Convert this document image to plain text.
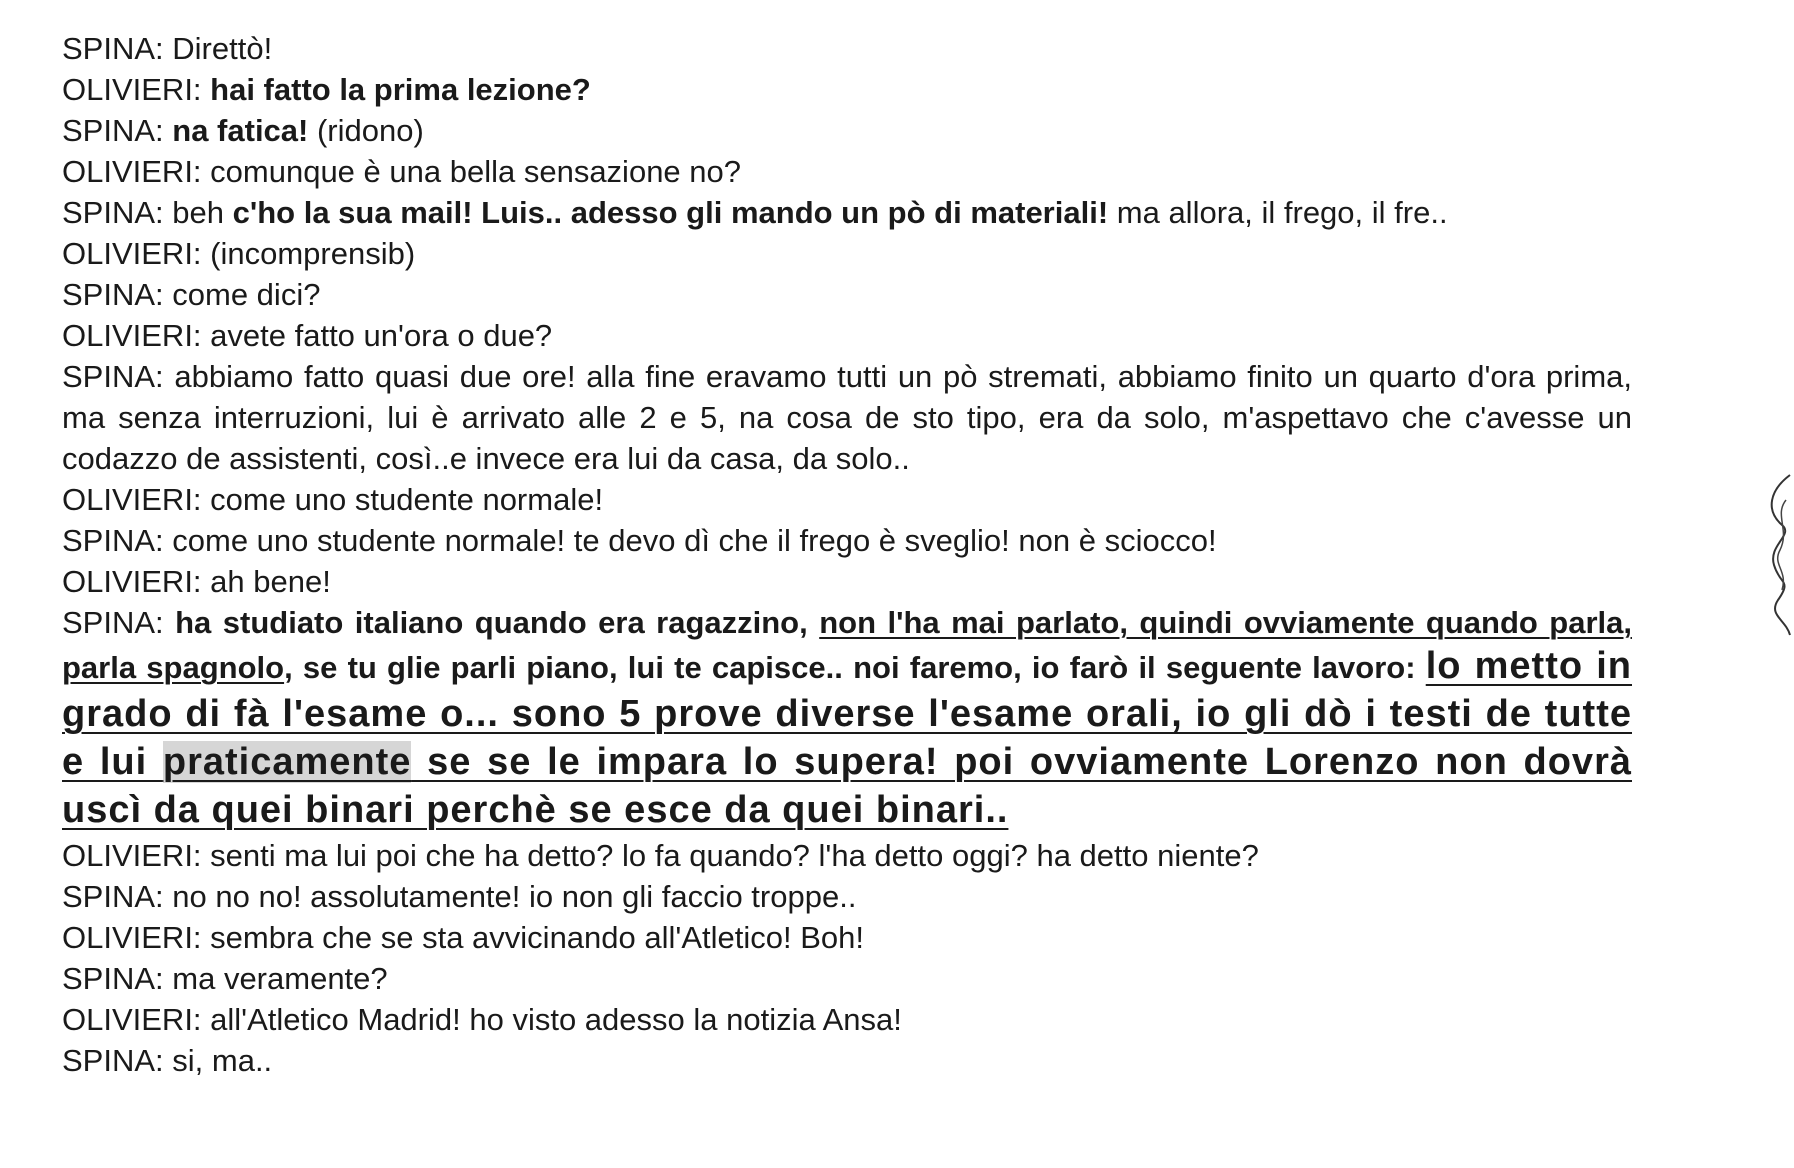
SPINA: Direttò!
OLIVIERI: hai fatto la prima lezione?
SPINA: na fatica! (ridono)
OLIVIERI: comunque è una bella sensazione no?
SPINA: beh c'ho la sua mail! Luis.. adesso gli mando un pò di materiali! ma allora, il frego, il fre..
OLIVIERI: (incomprensib)
SPINA: come dici?
OLIVIERI: avete fatto un'ora o due?
SPINA: abbiamo fatto quasi due ore! alla fine eravamo tutti un pò stremati, abbiamo finito un quarto d'ora prima, ma senza interruzioni, lui è arrivato alle 2 e 5, na cosa de sto tipo, era da solo, m'aspettavo che c'avesse un codazzo de assistenti, così..e invece era lui da casa, da solo..
OLIVIERI: come uno studente normale!
SPINA: come uno studente normale! te devo dì che il frego è sveglio! non è sciocco!
OLIVIERI: ah bene!
SPINA: ha studiato italiano quando era ragazzino, non l'ha mai parlato, quindi ovviamente quando parla, parla spagnolo, se tu glie parli piano, lui te capisce.. noi faremo, io farò il seguente lavoro: lo metto in grado di fà l'esame o... sono 5 prove diverse l'esame orali, io gli dò i testi de tutte e lui praticamente se se le impara lo supera! poi ovviamente Lorenzo non dovrà uscì da quei binari perchè se esce da quei binari..
OLIVIERI: senti ma lui poi che ha detto? lo fa quando? l'ha detto oggi? ha detto niente?
SPINA: no no no! assolutamente! io non gli faccio troppe..
OLIVIERI: sembra che se sta avvicinando all'Atletico! Boh!
SPINA: ma veramente?
OLIVIERI: all'Atletico Madrid! ho visto adesso la notizia Ansa!
SPINA: si, ma..
